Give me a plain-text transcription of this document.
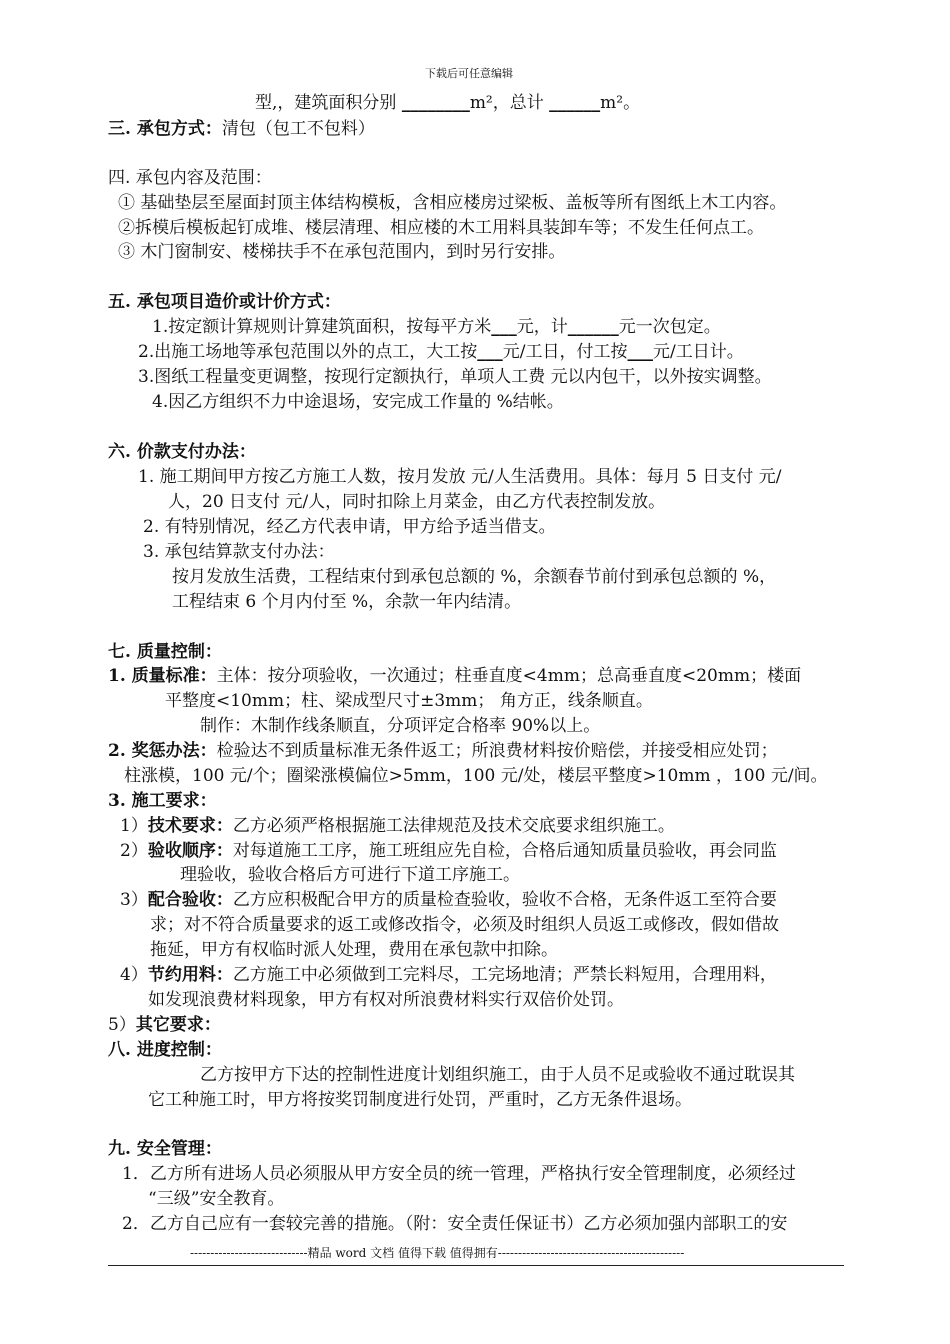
下载后可任意编辑
型,，建筑面积分别 ________m²，总计 ______m²。
三. 承包方式：清包（包工不包料）
四. 承包内容及范围：
① 基础垫层至屋面封顶主体结构模板，含相应楼房过梁板、盖板等所有图纸上木工内容。
②拆模后模板起钉成堆、楼层清理、相应楼的木工用料具装卸车等；不发生任何点工。
③ 木门窗制安、楼梯扶手不在承包范围内，到时另行安排。
五. 承包项目造价或计价方式：
1.按定额计算规则计算建筑面积，按每平方米___元，计______元一次包定。
2.出施工场地等承包范围以外的点工，大工按___元/工日，付工按___元/工日计。
3.图纸工程量变更调整，按现行定额执行，单项人工费 元以内包干，以外按实调整。
4.因乙方组织不力中途退场，安完成工作量的 %结帐。
六. 价款支付办法：
1. 施工期间甲方按乙方施工人数，按月发放 元/人生活费用。具体：每月 5 日支付 元/
人，20 日支付 元/人，同时扣除上月菜金，由乙方代表控制发放。
2. 有特别情况，经乙方代表申请，甲方给予适当借支。
3. 承包结算款支付办法：
按月发放生活费，工程结束付到承包总额的 %，余额春节前付到承包总额的 %，
工程结束 6 个月内付至 %，余款一年内结清。
七. 质量控制：
1. 质量标准：主体：按分项验收，一次通过；柱垂直度<4mm；总高垂直度<20mm；楼面
平整度<10mm；柱、梁成型尺寸±3mm； 角方正，线条顺直。
制作：木制作线条顺直，分项评定合格率 90%以上。
2. 奖惩办法：检验达不到质量标准无条件返工；所浪费材料按价赔偿，并接受相应处罚；
柱涨模，100 元/个；圈梁涨模偏位>5mm，100 元/处，楼层平整度>10mm ，100 元/间。
3. 施工要求：
1）技术要求：乙方必须严格根据施工法律规范及技术交底要求组织施工。
2）验收顺序：对每道施工工序，施工班组应先自检，合格后通知质量员验收，再会同监
理验收，验收合格后方可进行下道工序施工。
3）配合验收：乙方应积极配合甲方的质量检查验收，验收不合格，无条件返工至符合要
求；对不符合质量要求的返工或修改指令，必须及时组织人员返工或修改，假如借故
拖延，甲方有权临时派人处理，费用在承包款中扣除。
4）节约用料：乙方施工中必须做到工完料尽，工完场地清；严禁长料短用，合理用料，
如发现浪费材料现象，甲方有权对所浪费材料实行双倍价处罚。
5）其它要求：
八. 进度控制：
乙方按甲方下达的控制性进度计划组织施工，由于人员不足或验收不通过耽误其
它工种施工时，甲方将按奖罚制度进行处罚，严重时，乙方无条件退场。
九. 安全管理：
1．乙方所有进场人员必须服从甲方安全员的统一管理，严格执行安全管理制度，必须经过
“三级”安全教育。
2．乙方自己应有一套较完善的措施。（附：安全责任保证书）乙方必须加强内部职工的安
-----------------------------精品 word 文档 值得下载 值得拥有----------------------------------------------
